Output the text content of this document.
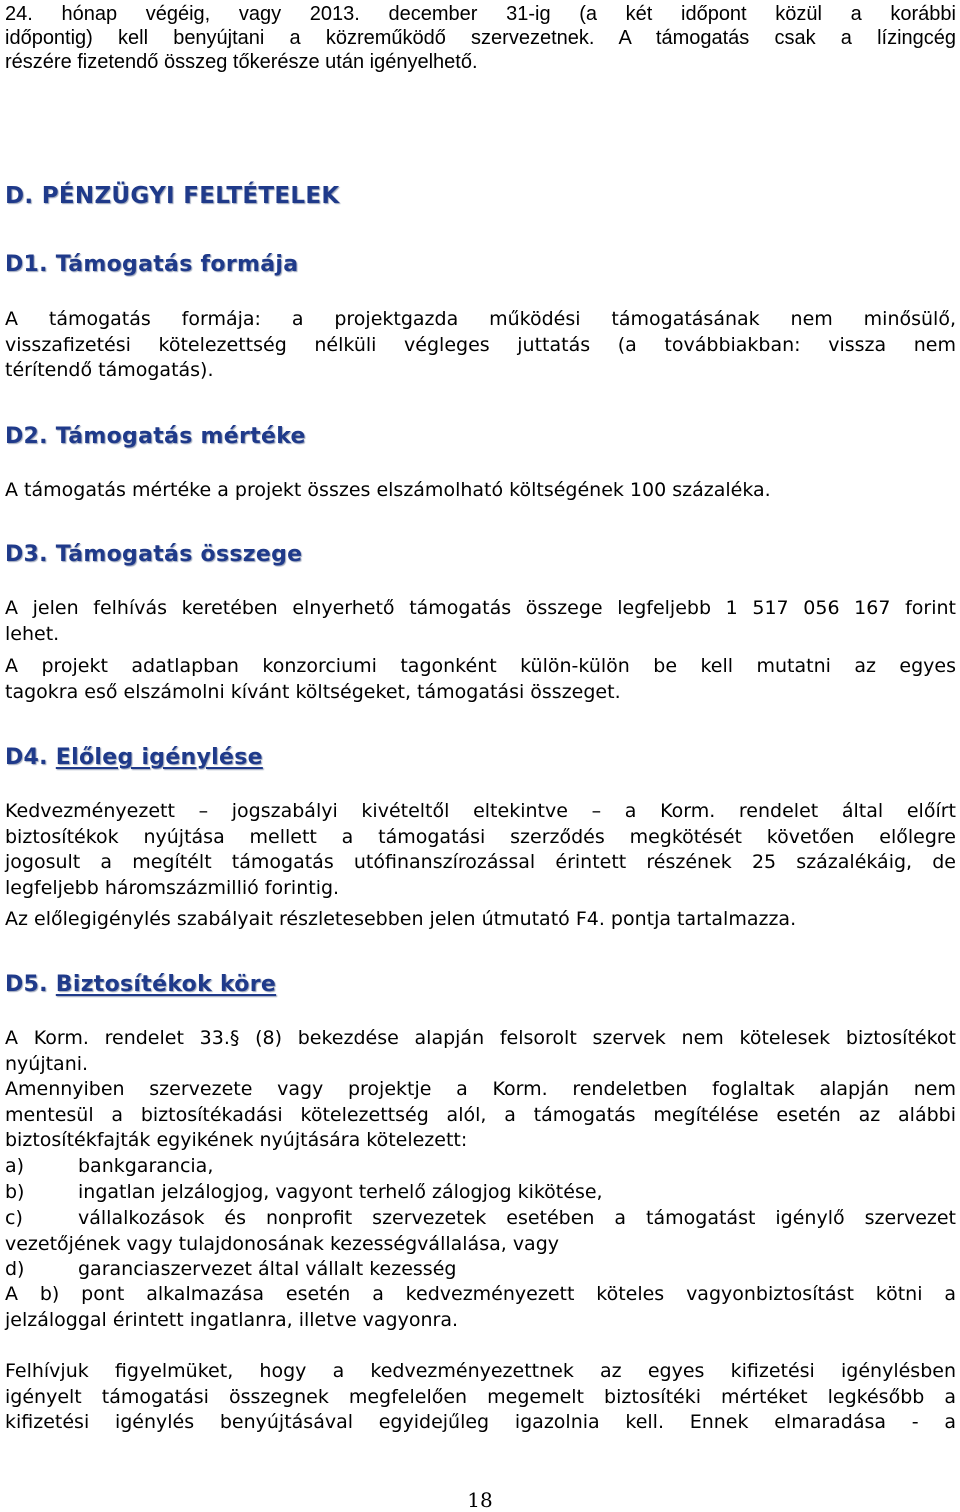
24. hónap végéig, vagy 2013. december 31-ig (a két időpont közül a korábbi
időpontig) kell benyújtani a közreműködő szervezetnek. A támogatás csak a lízingcég
részére fizetendő összeg tőkerésze után igényelhető.
D. PÉNZÜGYI FELTÉTELEK
D1. Támogatás formája
A támogatás formája: a projektgazda működési támogatásának nem minősülő,
visszafizetési kötelezettség nélküli végleges juttatás (a továbbiakban: vissza nem
térítendő támogatás).
D2. Támogatás mértéke
A támogatás mértéke a projekt összes elszámolható költségének 100 százaléka.
D3. Támogatás összege
A jelen felhívás keretében elnyerhető támogatás összege legfeljebb 1 517 056 167 forint
lehet.
A projekt adatlapban konzorciumi tagonként külön-külön be kell mutatni az egyes
tagokra eső elszámolni kívánt költségeket, támogatási összeget.
D4. Előleg igénylése
Kedvezményezett – jogszabályi kivételtől eltekintve – a Korm. rendelet által előírt
biztosítékok nyújtása mellett a támogatási szerződés megkötését követően előlegre
jogosult a megítélt támogatás utófinanszírozással érintett részének 25 százalékáig, de
legfeljebb háromszázmillió forintig.
Az előlegigénylés szabályait részletesebben jelen útmutató F4. pontja tartalmazza.
D5. Biztosítékok köre
A Korm. rendelet 33.§ (8) bekezdése alapján felsorolt szervek nem kötelesek biztosítékot
nyújtani.
Amennyiben szervezete vagy projektje a Korm. rendeletben foglaltak alapján nem
mentesül a biztosítékadási kötelezettség alól, a támogatás megítélése esetén az alábbi
biztosítékfajták egyikének nyújtására kötelezett:
a)	bankgarancia,
b)	ingatlan jelzálogjog, vagyont terhelő zálogjog kikötése,
c)	vállalkozások és nonprofit szervezetek esetében a támogatást igénylő szervezet
vezetőjének vagy tulajdonosának kezességvállalása, vagy
d)	garanciaszervezet által vállalt kezesség
A b) pont alkalmazása esetén a kedvezményezett köteles vagyonbiztosítást kötni a
jelzáloggal érintett ingatlanra, illetve vagyonra.
Felhívjuk figyelmüket, hogy a kedvezményezettnek az egyes kifizetési igénylésben
igényelt támogatási összegnek megfelelően megemelt biztosítéki mértéket legkésőbb a
kifizetési igénylés benyújtásával egyidejűleg igazolnia kell. Ennek elmaradása - a
18
